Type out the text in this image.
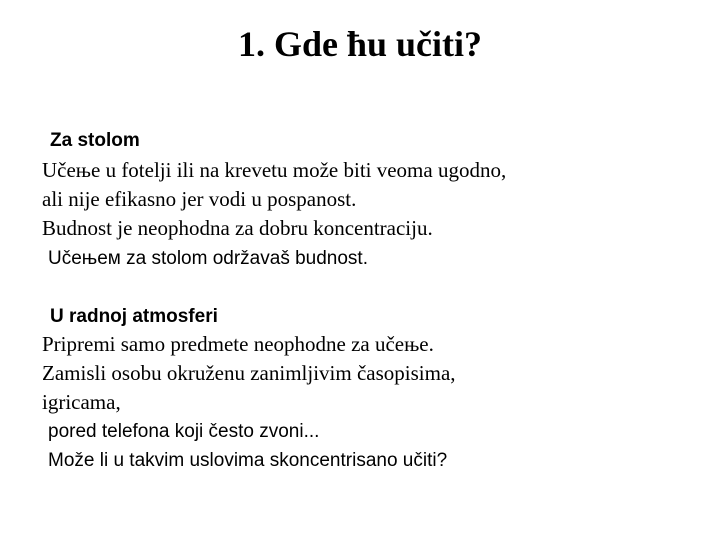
1. Gde ћu učiti?
Za stolom
Učење u fotelji ili na krevetu može biti veoma ugodno,
ali nije efikasno jer vodi u pospanost.
Budnost je neophodna za dobru koncentraciju.
Učењем za stolom održavaš budnost.
U radnoj atmosferi
Pripremi samo predmete neophodne za učење.
Zamisli osobu okruženu zanimljivim časopisima,
igricama,
pored telefona koji često zvoni...
Može li u takvim uslovima skoncentrisano učiti?
